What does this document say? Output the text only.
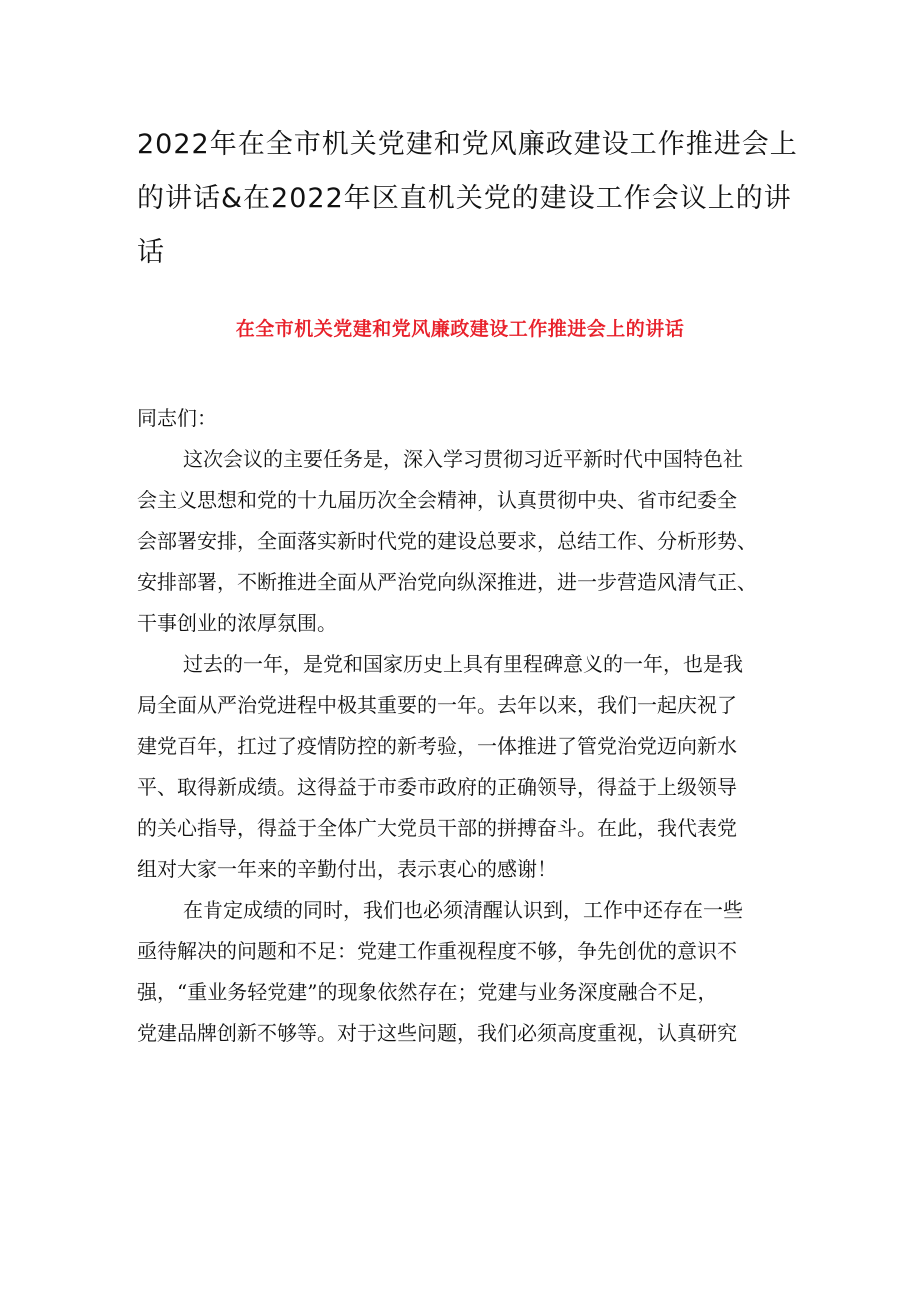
2022年在全市机关党建和党风廉政建设工作推进会上
的讲话&在2022年区直机关党的建设工作会议上的讲
话
在全市机关党建和党风廉政建设工作推进会上的讲话
同志们：
这次会议的主要任务是，深入学习贯彻习近平新时代中国特色社
会主义思想和党的十九届历次全会精神，认真贯彻中央、省市纪委全
会部署安排，全面落实新时代党的建设总要求，总结工作、分析形势、
安排部署，不断推进全面从严治党向纵深推进，进一步营造风清气正、
干事创业的浓厚氛围。
过去的一年，是党和国家历史上具有里程碑意义的一年，也是我
局全面从严治党进程中极其重要的一年。去年以来，我们一起庆祝了
建党百年，扛过了疫情防控的新考验，一体推进了管党治党迈向新水
平、取得新成绩。这得益于市委市政府的正确领导，得益于上级领导
的关心指导，得益于全体广大党员干部的拼搏奋斗。在此，我代表党
组对大家一年来的辛勤付出，表示衷心的感谢！
在肯定成绩的同时，我们也必须清醒认识到，工作中还存在一些
亟待解决的问题和不足：党建工作重视程度不够，争先创优的意识不
强，“重业务轻党建”的现象依然存在；党建与业务深度融合不足，
党建品牌创新不够等。对于这些问题，我们必须高度重视，认真研究
